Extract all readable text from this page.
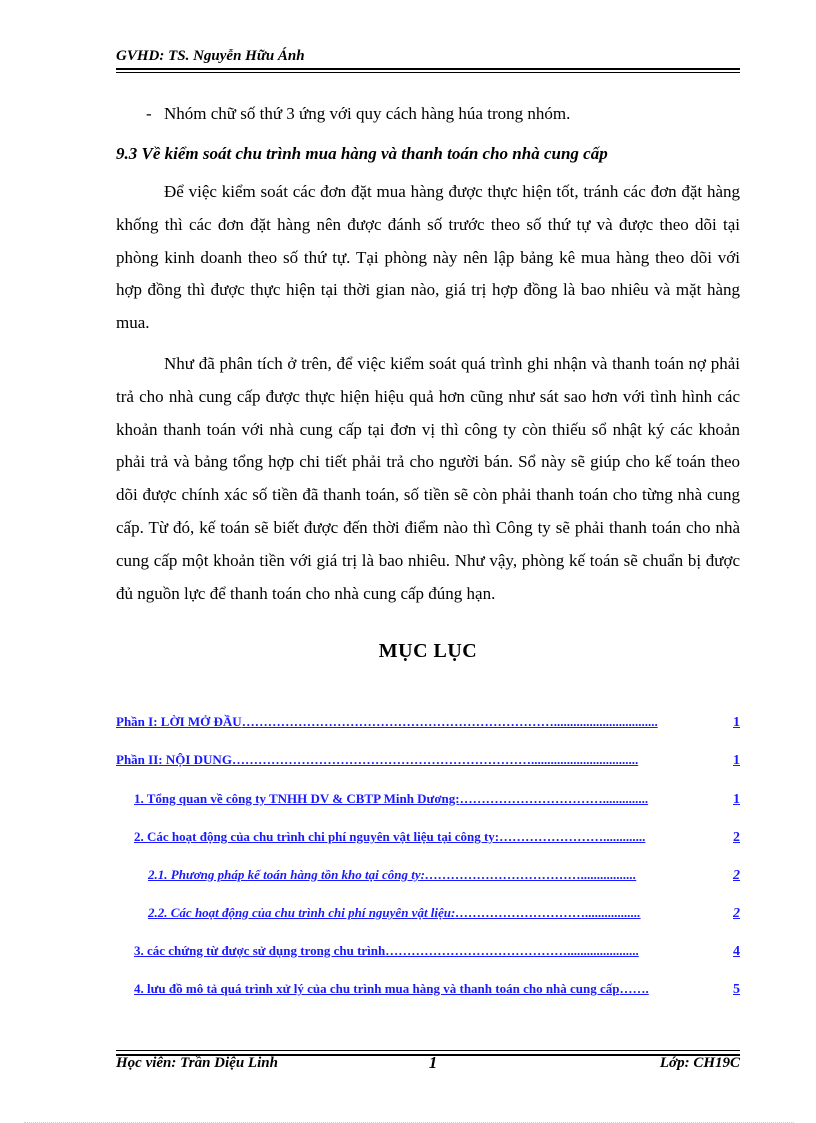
GVHD: TS. Nguyễn Hữu Ánh
- Nhóm chữ số thứ 3 ứng với quy cách hàng húa trong nhóm.
9.3 Về kiểm soát chu trình mua hàng và thanh toán cho nhà cung cấp

Để việc kiểm soát các đơn đặt mua hàng được thực hiện tốt, tránh các đơn đặt hàng khống thì các đơn đặt hàng nên được đánh số trước theo số thứ tự và được theo dõi tại phòng kinh doanh theo số thứ tự. Tại phòng này nên lập bảng kê mua hàng theo dõi với hợp đồng thì được thực hiện tại thời gian nào, giá trị hợp đồng là bao nhiêu và mặt hàng mua.

Như đã phân tích ở trên, để việc kiểm soát quá trình ghi nhận và thanh toán nợ phải trả cho nhà cung cấp được thực hiện hiệu quả hơn cũng như sát sao hơn với tình hình các khoản thanh toán với nhà cung cấp tại đơn vị thì công ty còn thiếu sổ nhật ký các khoản phải trả và bảng tổng hợp chi tiết phải trả cho người bán. Sổ này sẽ giúp cho kế toán theo dõi được chính xác số tiền đã thanh toán, số tiền sẽ còn phải thanh toán cho từng nhà cung cấp. Từ đó, kế toán sẽ biết được đến thời điểm nào thì Công ty sẽ phải thanh toán cho nhà cung cấp một khoản tiền với giá trị là bao nhiêu. Như vậy, phòng kế toán sẽ chuẩn bị được đủ nguồn lực để thanh toán cho nhà cung cấp đúng hạn.

MỤC LỤC
Phần I: LỜI MỞ ĐẦU ………………………………………………………………................................	1
Phần II: NỘI DUNG …………………………………………………………….................................	1
1. Tổng quan về công ty TNHH DV & CBTP Minh Dương: ……………………………..............	1
2. Các hoạt động của chu trình chi phí nguyên vật liệu tại công ty: …………………….............	2
2.1. Phương pháp kế toán hàng tồn kho tại công ty: ……………………………….................	2
2.2. Các hoạt động của chu trình chi phí nguyên vật liệu: ………………………….................	2
3. các chứng từ được sử dụng trong chu trình ……………………………………......................	4
4. lưu đồ mô tả quá trình xử lý của chu trình mua hàng và thanh toán cho nhà cung cấp …….	5
Học viên: Trần Diệu Linh	1	Lớp: CH19C
